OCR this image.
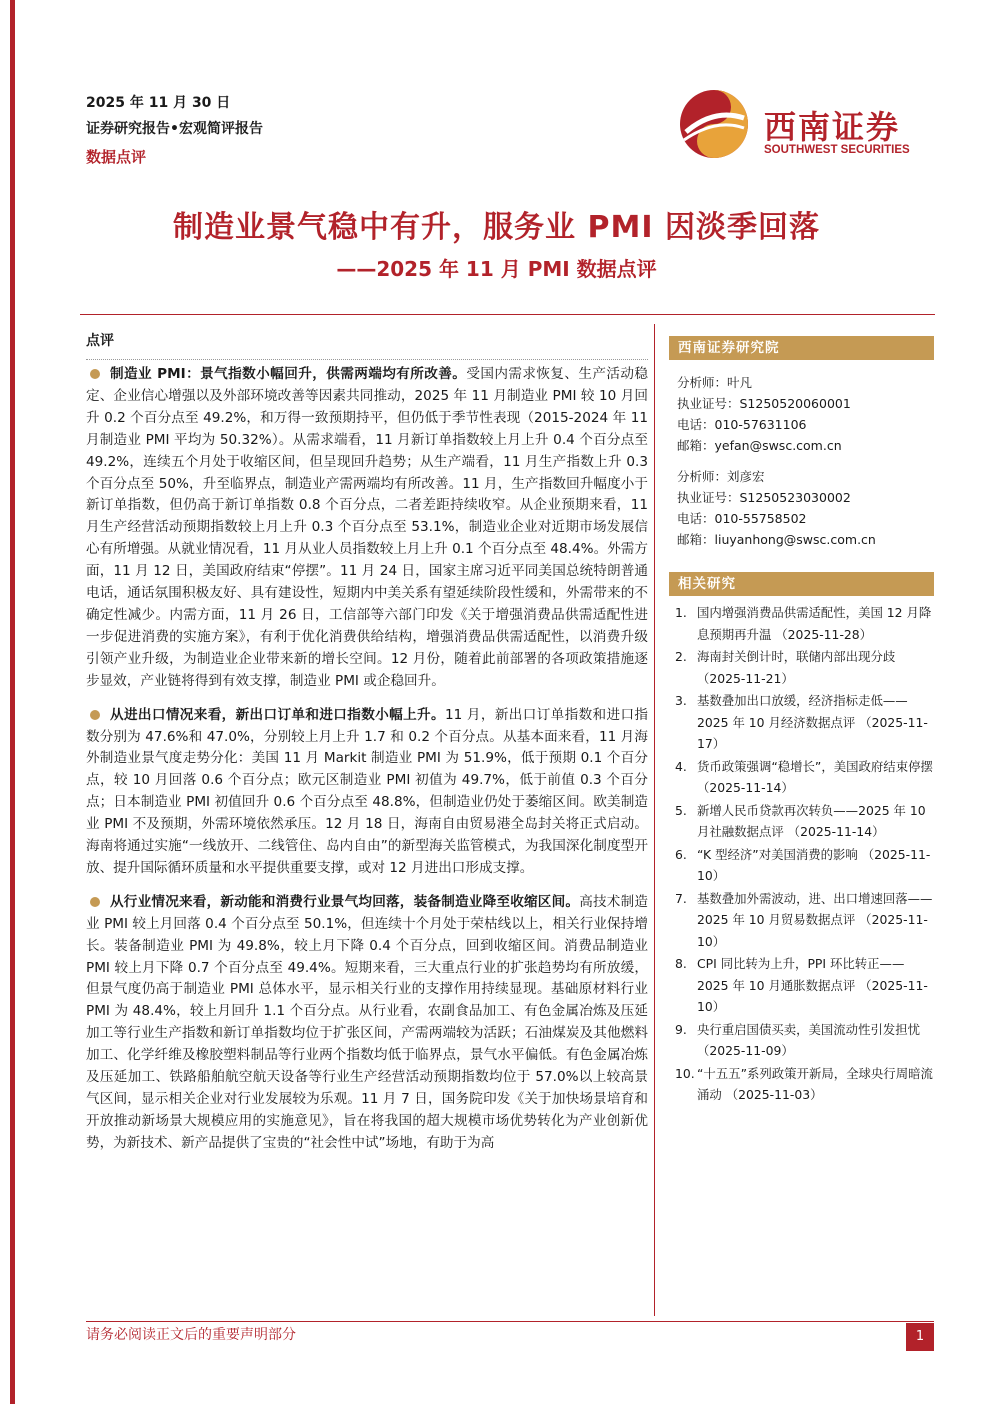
2025 年 11 月 30 日
证券研究报告•宏观简评报告
数据点评
西南证券
SOUTHWEST SECURITIES
制造业景气稳中有升，服务业 PMI 因淡季回落
——2025 年 11 月 PMI 数据点评
点评
制造业 PMI：景气指数小幅回升，供需两端均有所改善。受国内需求恢复、生产活动稳定、企业信心增强以及外部环境改善等因素共同推动，2025 年 11 月制造业 PMI 较 10 月回升 0.2 个百分点至 49.2%，和万得一致预期持平，但仍低于季节性表现（2015-2024 年 11 月制造业 PMI 平均为 50.32%）。从需求端看，11 月新订单指数较上月上升 0.4 个百分点至 49.2%，连续五个月处于收缩区间，但呈现回升趋势；从生产端看，11 月生产指数上升 0.3 个百分点至 50%，升至临界点，制造业产需两端均有所改善。11 月，生产指数回升幅度小于新订单指数，但仍高于新订单指数 0.8 个百分点，二者差距持续收窄。从企业预期来看，11 月生产经营活动预期指数较上月上升 0.3 个百分点至 53.1%，制造业企业对近期市场发展信心有所增强。从就业情况看，11 月从业人员指数较上月上升 0.1 个百分点至 48.4%。外需方面，11 月 12 日，美国政府结束“停摆”。11 月 24 日，国家主席习近平同美国总统特朗普通电话，通话氛围积极友好、具有建设性，短期内中美关系有望延续阶段性缓和，外需带来的不确定性减少。内需方面，11 月 26 日，工信部等六部门印发《关于增强消费品供需适配性进一步促进消费的实施方案》，有利于优化消费供给结构，增强消费品供需适配性，以消费升级引领产业升级，为制造业企业带来新的增长空间。12 月份，随着此前部署的各项政策措施逐步显效，产业链将得到有效支撑，制造业 PMI 或企稳回升。
从进出口情况来看，新出口订单和进口指数小幅上升。11 月，新出口订单指数和进口指数分别为 47.6%和 47.0%，分别较上月上升 1.7 和 0.2 个百分点。从基本面来看，11 月海外制造业景气度走势分化：美国 11 月 Markit 制造业 PMI 为 51.9%，低于预期 0.1 个百分点，较 10 月回落 0.6 个百分点；欧元区制造业 PMI 初值为 49.7%，低于前值 0.3 个百分点；日本制造业 PMI 初值回升 0.6 个百分点至 48.8%，但制造业仍处于萎缩区间。欧美制造业 PMI 不及预期，外需环境依然承压。12 月 18 日，海南自由贸易港全岛封关将正式启动。海南将通过实施“一线放开、二线管住、岛内自由”的新型海关监管模式，为我国深化制度型开放、提升国际循环质量和水平提供重要支撑，或对 12 月进出口形成支撑。
从行业情况来看，新动能和消费行业景气均回落，装备制造业降至收缩区间。高技术制造业 PMI 较上月回落 0.4 个百分点至 50.1%，但连续十个月处于荣枯线以上，相关行业保持增长。装备制造业 PMI 为 49.8%，较上月下降 0.4 个百分点，回到收缩区间。消费品制造业 PMI 较上月下降 0.7 个百分点至 49.4%。短期来看，三大重点行业的扩张趋势均有所放缓，但景气度仍高于制造业 PMI 总体水平，显示相关行业的支撑作用持续显现。基础原材料行业 PMI 为 48.4%，较上月回升 1.1 个百分点。从行业看，农副食品加工、有色金属冶炼及压延加工等行业生产指数和新订单指数均位于扩张区间，产需两端较为活跃；石油煤炭及其他燃料加工、化学纤维及橡胶塑料制品等行业两个指数均低于临界点，景气水平偏低。有色金属冶炼及压延加工、铁路船舶航空航天设备等行业生产经营活动预期指数均位于 57.0%以上较高景气区间，显示相关企业对行业发展较为乐观。11 月 7 日，国务院印发《关于加快场景培育和开放推动新场景大规模应用的实施意见》，旨在将我国的超大规模市场优势转化为产业创新优势，为新技术、新产品提供了宝贵的“社会性中试”场地，有助于为高
西南证券研究院
分析师：叶凡
执业证号：S1250520060001
电话：010-57631106
邮箱：yefan@swsc.com.cn
分析师：刘彦宏
执业证号：S1250523030002
电话：010-55758502
邮箱：liuyanhong@swsc.com.cn
相关研究
1. 国内增强消费品供需适配性，美国 12 月降息预期再升温 （2025-11-28）
2. 海南封关倒计时，联储内部出现分歧 （2025-11-21）
3. 基数叠加出口放缓，经济指标走低——2025 年 10 月经济数据点评 （2025-11-17）
4. 货币政策强调“稳增长”，美国政府结束停摆 （2025-11-14）
5. 新增人民币贷款再次转负——2025 年 10 月社融数据点评 （2025-11-14）
6. “K 型经济”对美国消费的影响 （2025-11-10）
7. 基数叠加外需波动，进、出口增速回落——2025 年 10 月贸易数据点评 （2025-11-10）
8. CPI 同比转为上升，PPI 环比转正——2025 年 10 月通胀数据点评 （2025-11-10）
9. 央行重启国债买卖，美国流动性引发担忧 （2025-11-09）
10. “十五五”系列政策开新局，全球央行周暗流涌动 （2025-11-03）
请务必阅读正文后的重要声明部分	1
